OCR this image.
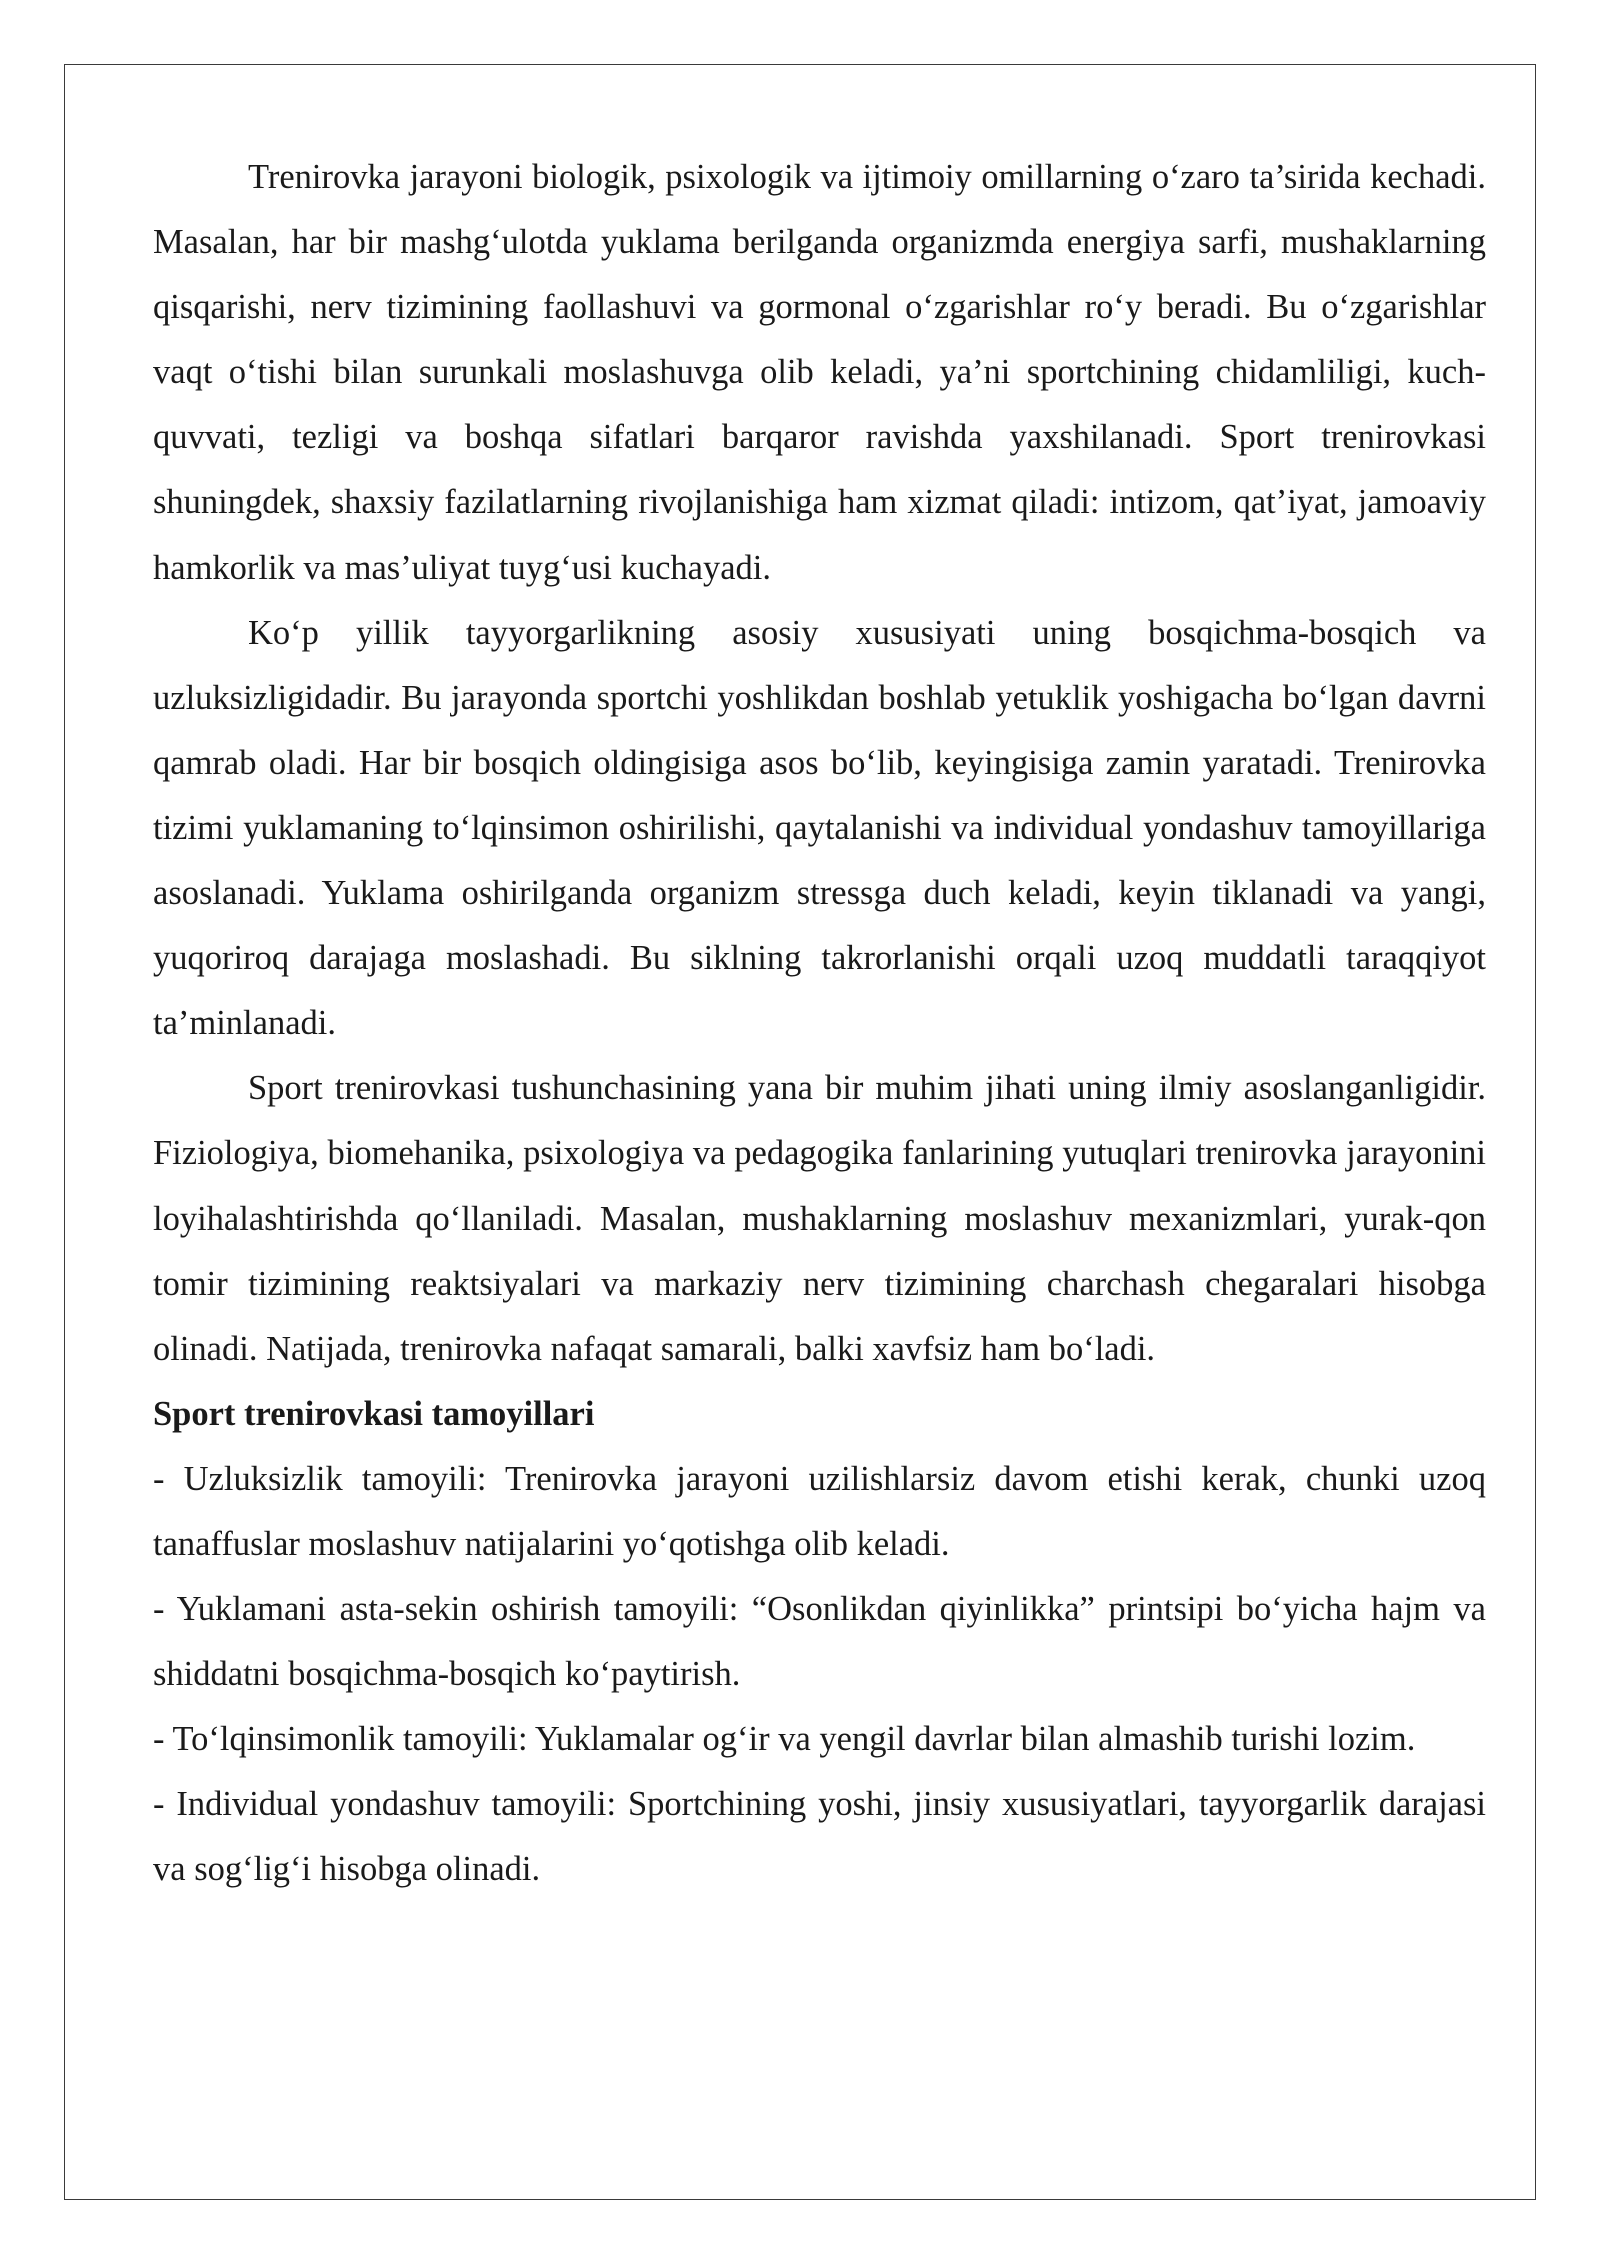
Trenirovka jarayoni biologik, psixologik va ijtimoiy omillarning o‘zaro ta’sirida kechadi. Masalan, har bir mashg‘ulotda yuklama berilganda organizmda energiya sarfi, mushaklarning qisqarishi, nerv tizimining faollashuvi va gormonal o‘zgarishlar ro‘y beradi. Bu o‘zgarishlar vaqt o‘tishi bilan surunkali moslashuvga olib keladi, ya’ni sportchining chidamliligi, kuch-quvvati, tezligi va boshqa sifatlari barqaror ravishda yaxshilanadi. Sport trenirovkasi shuningdek, shaxsiy fazilatlarning rivojlanishiga ham xizmat qiladi: intizom, qat’iyat, jamoaviy hamkorlik va mas’uliyat tuyg‘usi kuchayadi.

Ko‘p yillik tayyorgarlikning asosiy xususiyati uning bosqichma-bosqich va uzluksizligidadir. Bu jarayonda sportchi yoshlikdan boshlab yetuklik yoshigacha bo‘lgan davrni qamrab oladi. Har bir bosqich oldingisiga asos bo‘lib, keyingisiga zamin yaratadi. Trenirovka tizimi yuklamaning to‘lqinsimon oshirilishi, qaytalanishi va individual yondashuv tamoyillariga asoslanadi. Yuklama oshirilganda organizm stressga duch keladi, keyin tiklanadi va yangi, yuqoriroq darajaga moslashadi. Bu siklning takrorlanishi orqali uzoq muddatli taraqqiyot ta’minlanadi.

Sport trenirovkasi tushunchasining yana bir muhim jihati uning ilmiy asoslanganligidir. Fiziologiya, biomehanika, psixologiya va pedagogika fanlarining yutuqlari trenirovka jarayonini loyihalashtirishda qo‘llaniladi. Masalan, mushaklarning moslashuv mexanizmlari, yurak-qon tomir tizimining reaktsiyalari va markaziy nerv tizimining charchash chegaralari hisobga olinadi. Natijada, trenirovka nafaqat samarali, balki xavfsiz ham bo‘ladi.

Sport trenirovkasi tamoyillari

- Uzluksizlik tamoyili: Trenirovka jarayoni uzilishlarsiz davom etishi kerak, chunki uzoq tanaffuslar moslashuv natijalarini yo‘qotishga olib keladi.

- Yuklamani asta-sekin oshirish tamoyili: “Osonlikdan qiyinlikka” printsipi bo‘yicha hajm va shiddatni bosqichma-bosqich ko‘paytirish.

- To‘lqinsimonlik tamoyili: Yuklamalar og‘ir va yengil davrlar bilan almashib turishi lozim.

- Individual yondashuv tamoyili: Sportchining yoshi, jinsiy xususiyatlari, tayyorgarlik darajasi va sog‘lig‘i hisobga olinadi.
